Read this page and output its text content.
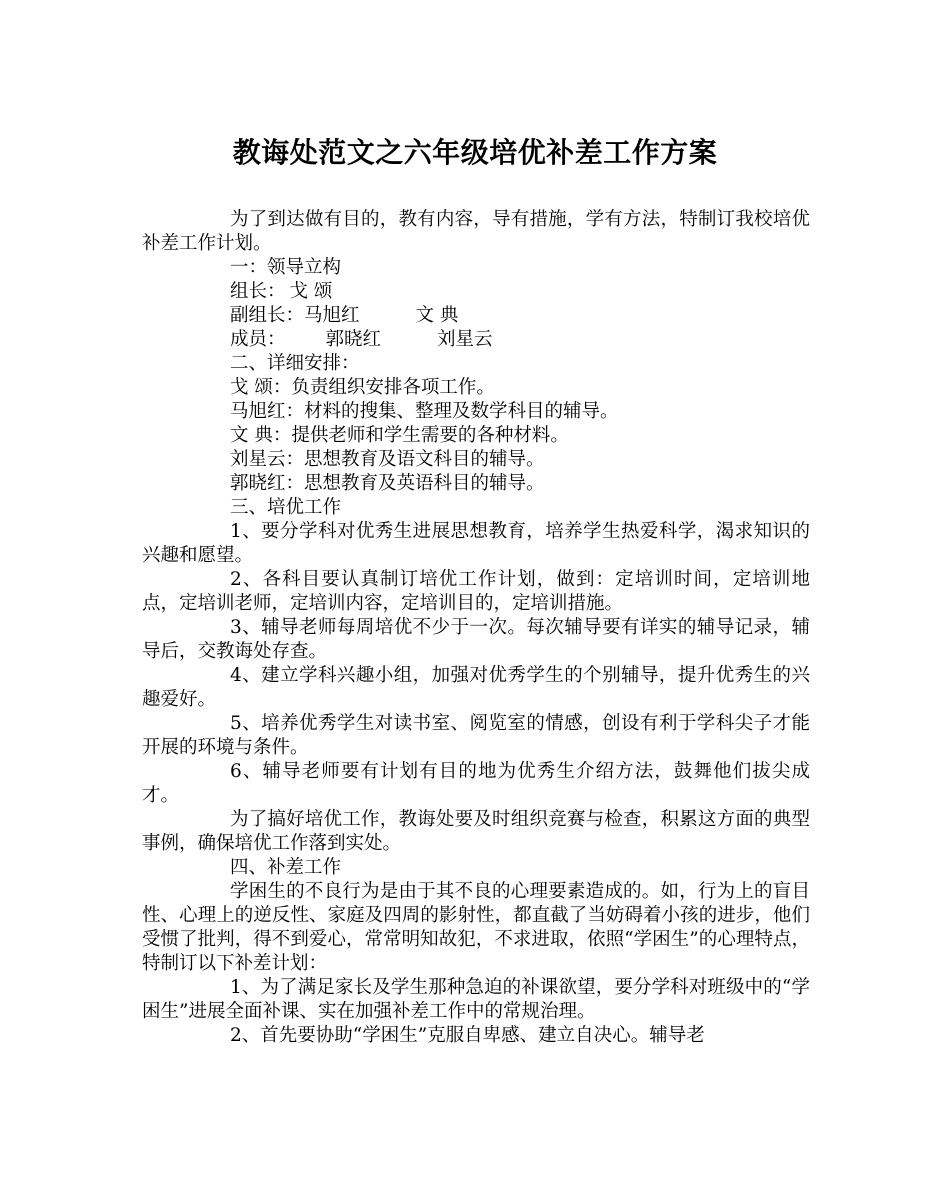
教诲处范文之六年级培优补差工作方案

为了到达做有目的，教有内容，导有措施，学有方法，特制订我校培优补差工作计划。

一：领导立构

组长： 戈 颂

副组长：马旭红	文 典

成员： 郭晓红	刘星云

二、详细安排：

戈 颂：负责组织安排各项工作。

马旭红：材料的搜集、整理及数学科目的辅导。

文 典：提供老师和学生需要的各种材料。

刘星云：思想教育及语文科目的辅导。

郭晓红：思想教育及英语科目的辅导。

三、培优工作

1、要分学科对优秀生进展思想教育，培养学生热爱科学，渴求知识的兴趣和愿望。

2、各科目要认真制订培优工作计划，做到：定培训时间，定培训地点，定培训老师，定培训内容，定培训目的，定培训措施。

3、辅导老师每周培优不少于一次。每次辅导要有详实的辅导记录，辅导后，交教诲处存查。

4、建立学科兴趣小组，加强对优秀学生的个别辅导，提升优秀生的兴趣爱好。

5、培养优秀学生对读书室、阅览室的情感，创设有利于学科尖子才能开展的环境与条件。

6、辅导老师要有计划有目的地为优秀生介绍方法，鼓舞他们拔尖成才。

为了搞好培优工作，教诲处要及时组织竞赛与检查，积累这方面的典型事例，确保培优工作落到实处。

四、补差工作

学困生的不良行为是由于其不良的心理要素造成的。如，行为上的盲目性、心理上的逆反性、家庭及四周的影射性，都直截了当妨碍着小孩的进步，他们受惯了批判，得不到爱心，常常明知故犯，不求进取，依照“学困生”的心理特点，特制订以下补差计划：

1、为了满足家长及学生那种急迫的补课欲望，要分学科对班级中的“学困生”进展全面补课、实在加强补差工作中的常规治理。

2、首先要协助“学困生”克服自卑感、建立自决心。辅导老
